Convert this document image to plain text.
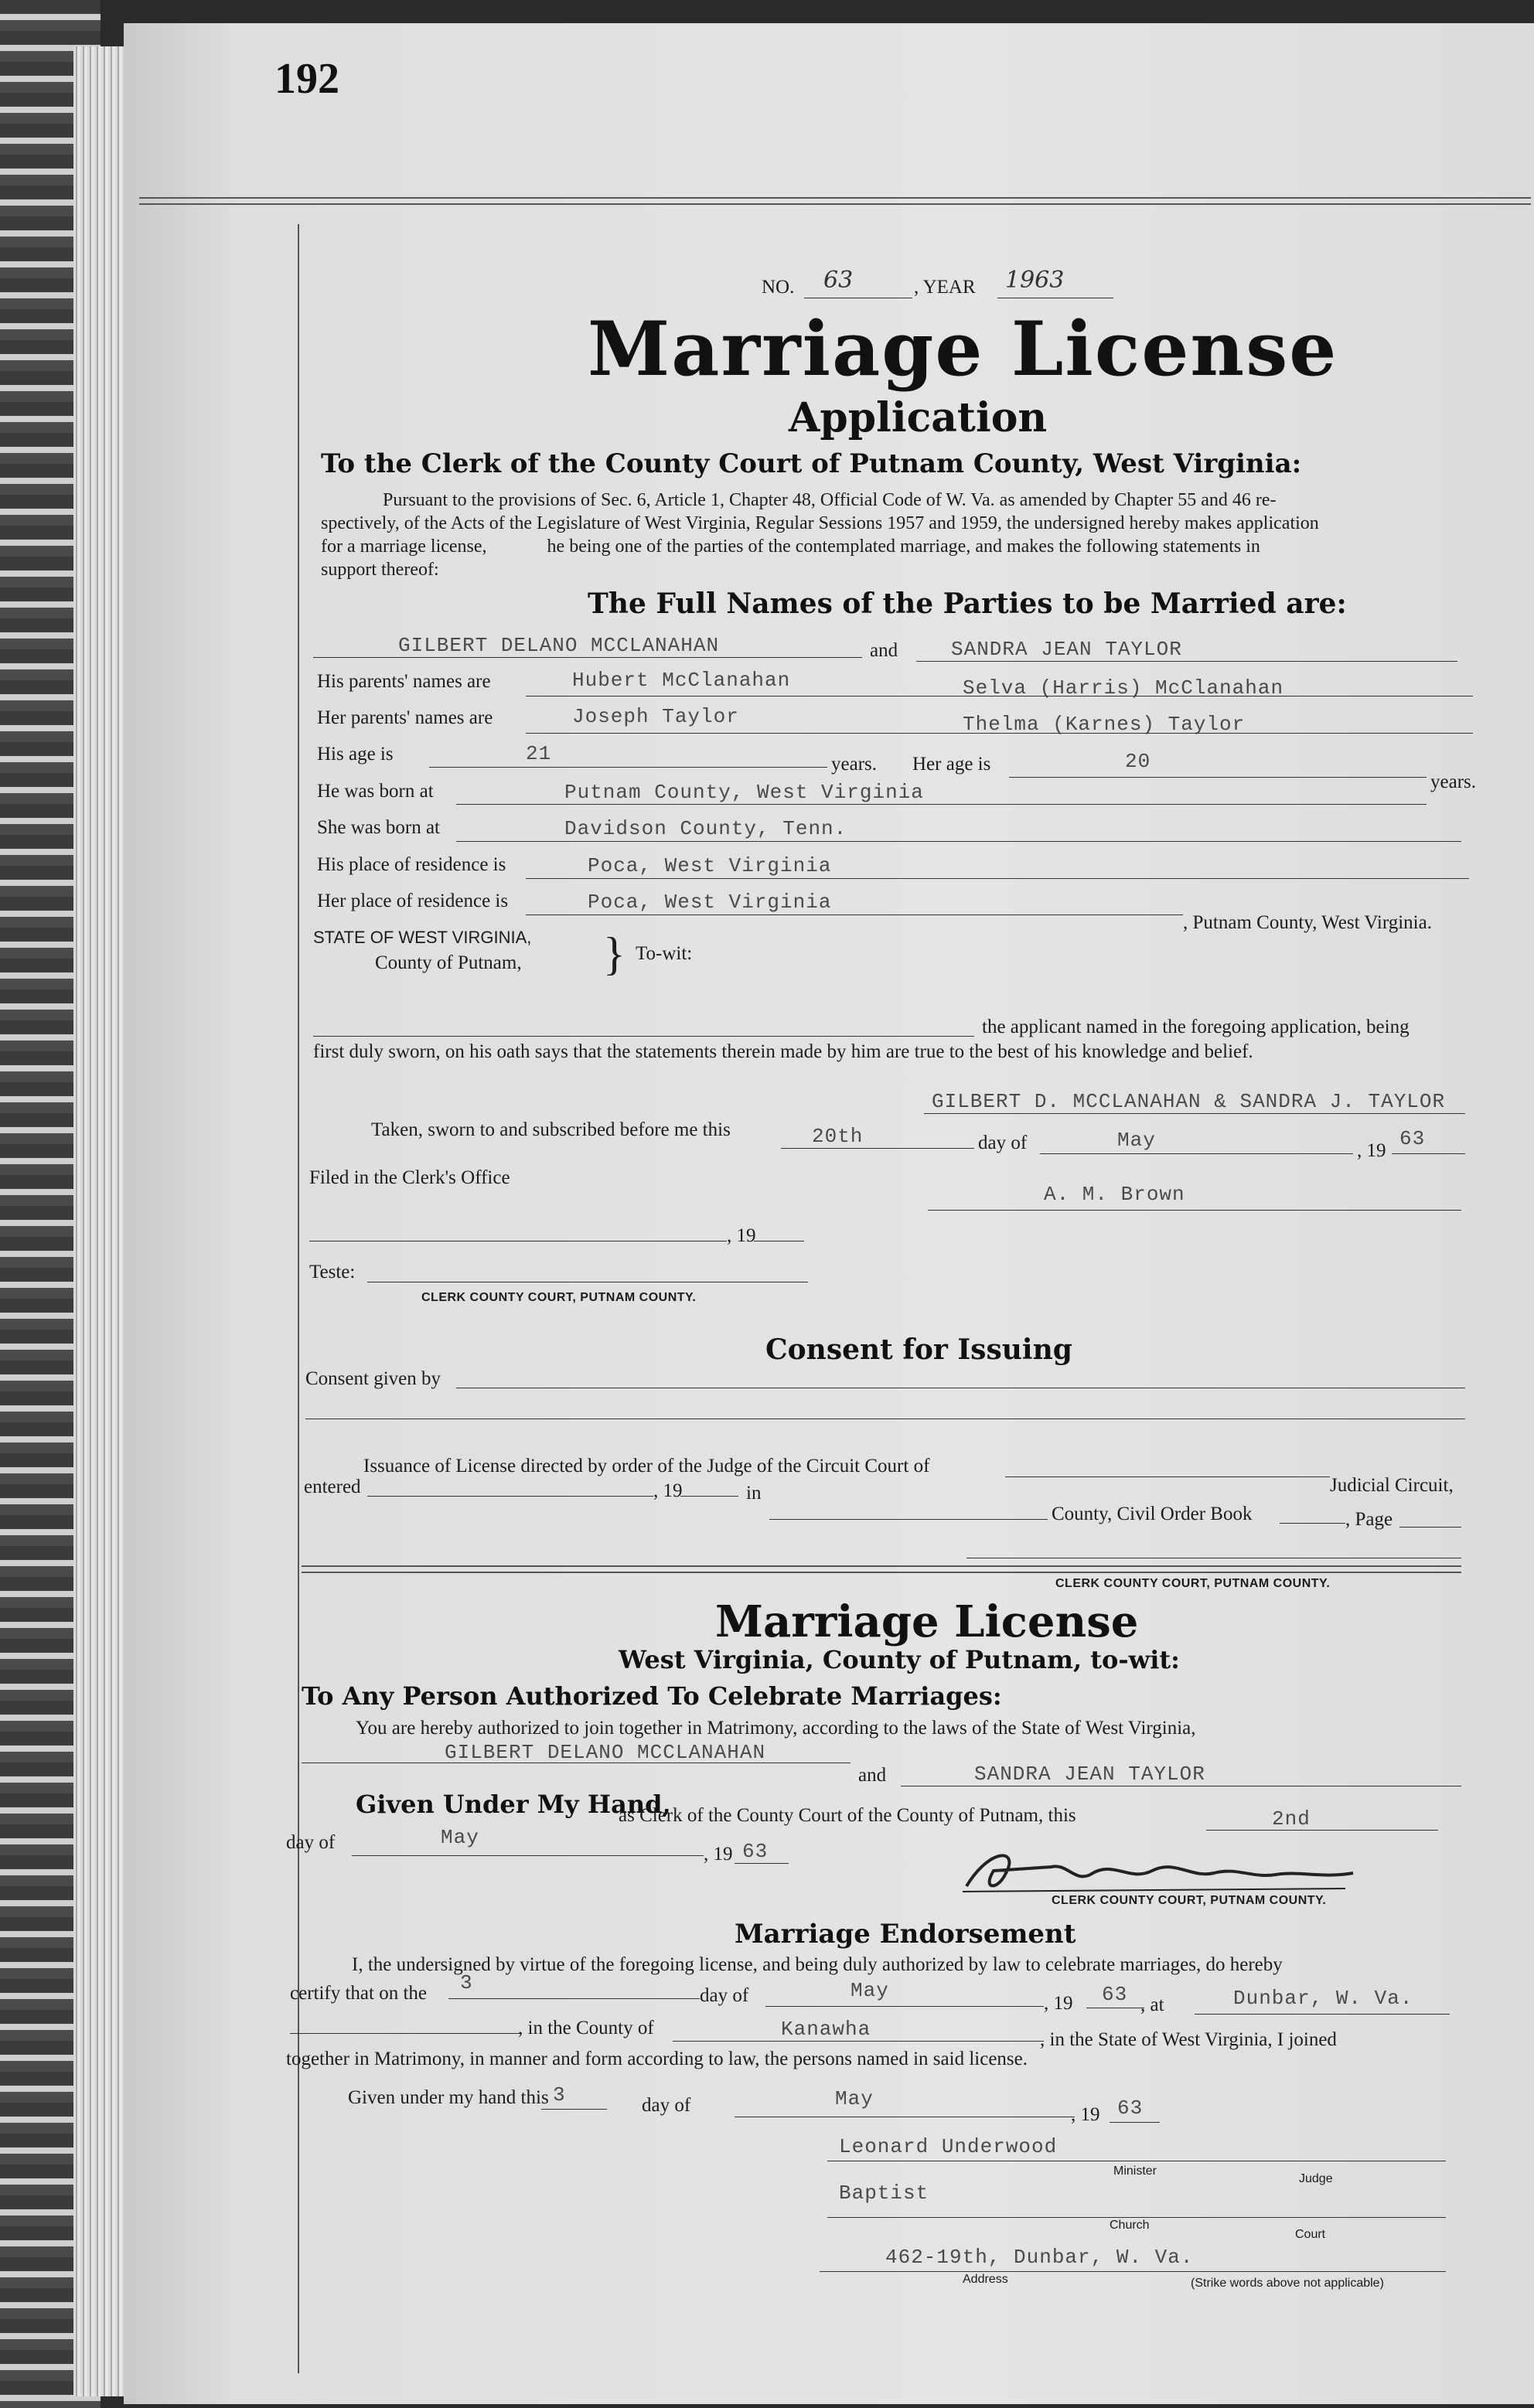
192
NO. 63	, YEAR 1963
Marriage License
Application
To the Clerk of the County Court of Putnam County, West Virginia:
Pursuant to the provisions of Sec. 6, Article 1, Chapter 48, Official Code of W. Va. as amended by Chapter 55 and 46 re-
spectively, of the Acts of the Legislature of West Virginia, Regular Sessions 1957 and 1959, the undersigned hereby makes application
for a marriage license,             he being one of the parties of the contemplated marriage, and makes the following statements in
support thereof:
The Full Names of the Parties to be Married are:
GILBERT DELANO MCCLANAHAN	and	SANDRA JEAN TAYLOR
His parents' names are	Hubert McClanahan	Selva (Harris) McClanahan
Her parents' names are	Joseph Taylor	Thelma (Karnes) Taylor
His age is	21	years. Her age is	20
years.
He was born at	Putnam County, West Virginia
She was born at	Davidson County, Tenn.
His place of residence is	Poca, West Virginia
Her place of residence is	Poca, West Virginia
, Putnam County, West Virginia.
STATE OF WEST VIRGINIA,
County of Putnam, } To-wit:
the applicant named in the foregoing application, being
first duly sworn, on his oath says that the statements therein made by him are true to the best of his knowledge and belief.
GILBERT D. MCCLANAHAN & SANDRA J. TAYLOR
Taken, sworn to and subscribed before me this	20th	day of	May	, 19
63
Filed in the Clerk's Office
A. M. Brown
, 19
Teste:
CLERK COUNTY COURT, PUTNAM COUNTY.
Consent for Issuing
Consent given by
Issuance of License directed by order of the Judge of the Circuit Court of
Judicial Circuit,
entered	, 19	in
County, Civil Order Book	, Page
CLERK COUNTY COURT, PUTNAM COUNTY.
Marriage License
West Virginia, County of Putnam, to-wit:
To Any Person Authorized To Celebrate Marriages:
You are hereby authorized to join together in Matrimony, according to the laws of the State of West Virginia,
GILBERT DELANO MCCLANAHAN
and	SANDRA JEAN TAYLOR
Given Under My Hand,
as Clerk of the County Court of the County of Putnam, this	2nd
day of	May
, 19 63
CLERK COUNTY COURT, PUTNAM COUNTY.
Marriage Endorsement
I, the undersigned by virtue of the foregoing license, and being duly authorized by law to celebrate marriages, do hereby
certify that on the 3
day of	May
, 19 63 , at	Dunbar, W. Va.
, in the County of	Kanawha	, in the State of West Virginia, I joined
together in Matrimony, in manner and form according to law, the persons named in said license.
Given under my hand this 3	day of	May
, 19 63
Leonard Underwood
Minister
Judge
Baptist
Church
Court
462-19th, Dunbar, W. Va.
Address	(Strike words above not applicable)
